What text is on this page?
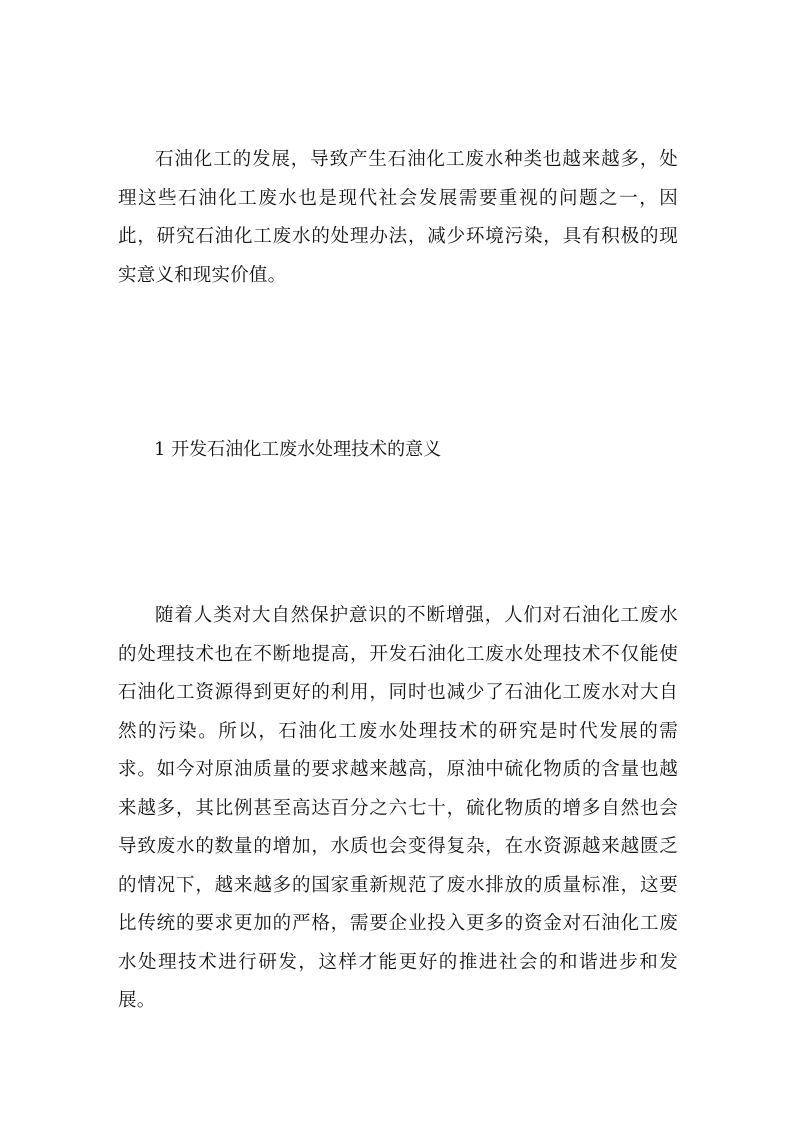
石油化工的发展，导致产生石油化工废水种类也越来越多，处理这些石油化工废水也是现代社会发展需要重视的问题之一，因此，研究石油化工废水的处理办法，减少环境污染，具有积极的现实意义和现实价值。

1 开发石油化工废水处理技术的意义

随着人类对大自然保护意识的不断增强，人们对石油化工废水的处理技术也在不断地提高，开发石油化工废水处理技术不仅能使石油化工资源得到更好的利用，同时也减少了石油化工废水对大自然的污染。所以，石油化工废水处理技术的研究是时代发展的需求。如今对原油质量的要求越来越高，原油中硫化物质的含量也越来越多，其比例甚至高达百分之六七十，硫化物质的增多自然也会导致废水的数量的增加，水质也会变得复杂，在水资源越来越匮乏的情况下，越来越多的国家重新规范了废水排放的质量标准，这要比传统的要求更加的严格，需要企业投入更多的资金对石油化工废水处理技术进行研发，这样才能更好的推进社会的和谐进步和发展。
